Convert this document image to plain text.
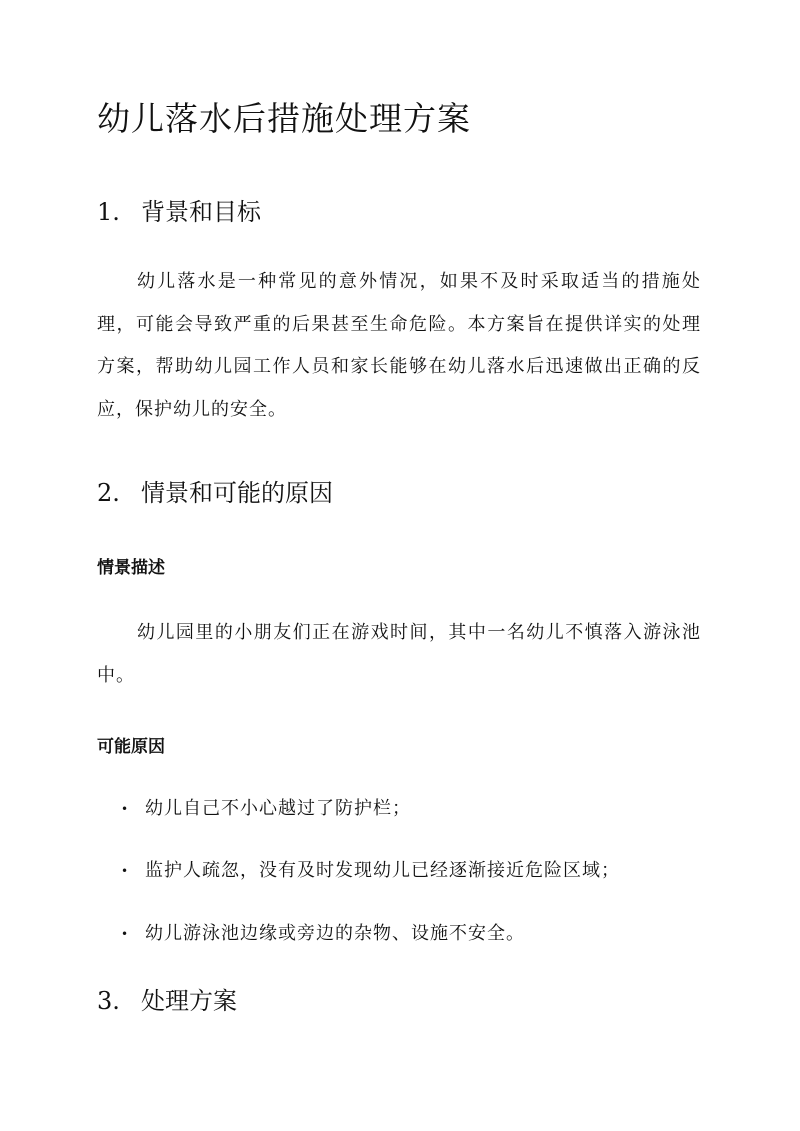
幼儿落水后措施处理方案
1. 背景和目标

幼儿落水是一种常见的意外情况，如果不及时采取适当的措施处理，可能会导致严重的后果甚至生命危险。本方案旨在提供详实的处理方案，帮助幼儿园工作人员和家长能够在幼儿落水后迅速做出正确的反应，保护幼儿的安全。

2. 情景和可能的原因
情景描述

幼儿园里的小朋友们正在游戏时间，其中一名幼儿不慎落入游泳池中。

可能原因
• 幼儿自己不小心越过了防护栏；
• 监护人疏忽，没有及时发现幼儿已经逐渐接近危险区域；
• 幼儿游泳池边缘或旁边的杂物、设施不安全。
3. 处理方案
